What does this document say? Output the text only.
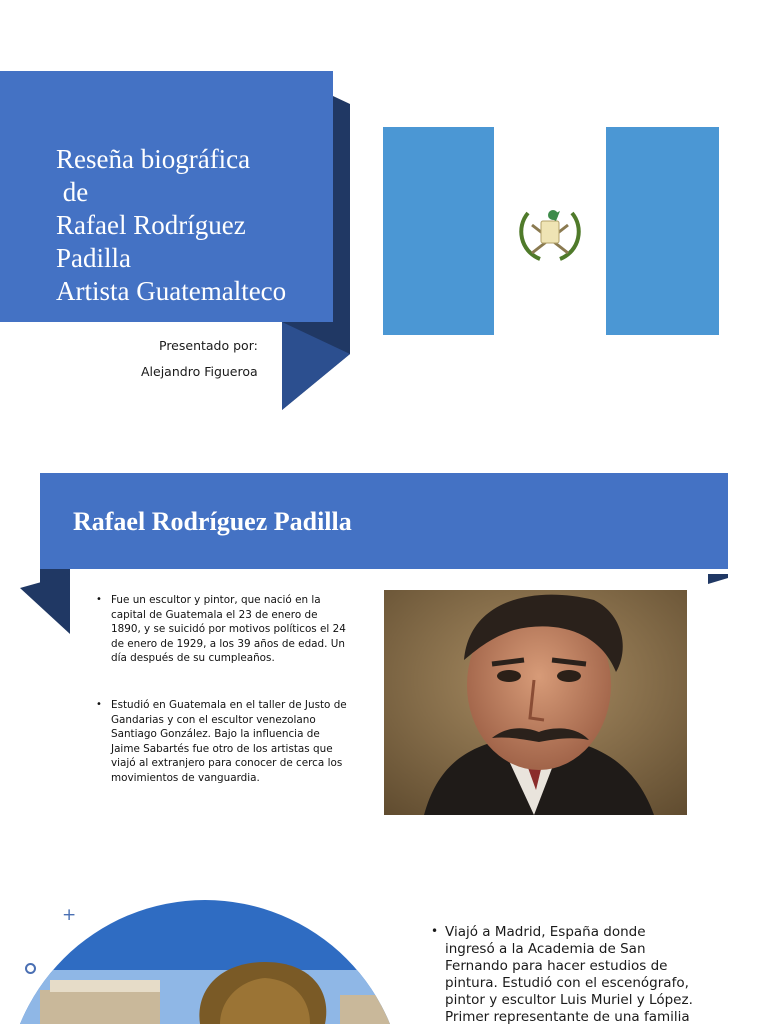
Reseña biográfica
de
Rafael Rodríguez
Padilla
Artista Guatemalteco
Presentado por:
Alejandro Figueroa
Rafael Rodríguez Padilla
• Fue un escultor y pintor, que nació en la capital de Guatemala el 23 de enero de 1890, y se suicidó por motivos políticos el 24 de enero de 1929, a los 39 años de edad. Un día después de su cumpleaños.
• Estudió en Guatemala en el taller de Justo de Gandarias y con el escultor venezolano Santiago González. Bajo la influencia de Jaime Sabartés fue otro de los artistas que viajó al extranjero para conocer de cerca los movimientos de vanguardia.
+
• Viajó a Madrid, España donde ingresó a la Academia de San Fernando para hacer estudios de pintura. Estudió con el escenógrafo, pintor y escultor Luis Muriel y López. Primer representante de una familia
